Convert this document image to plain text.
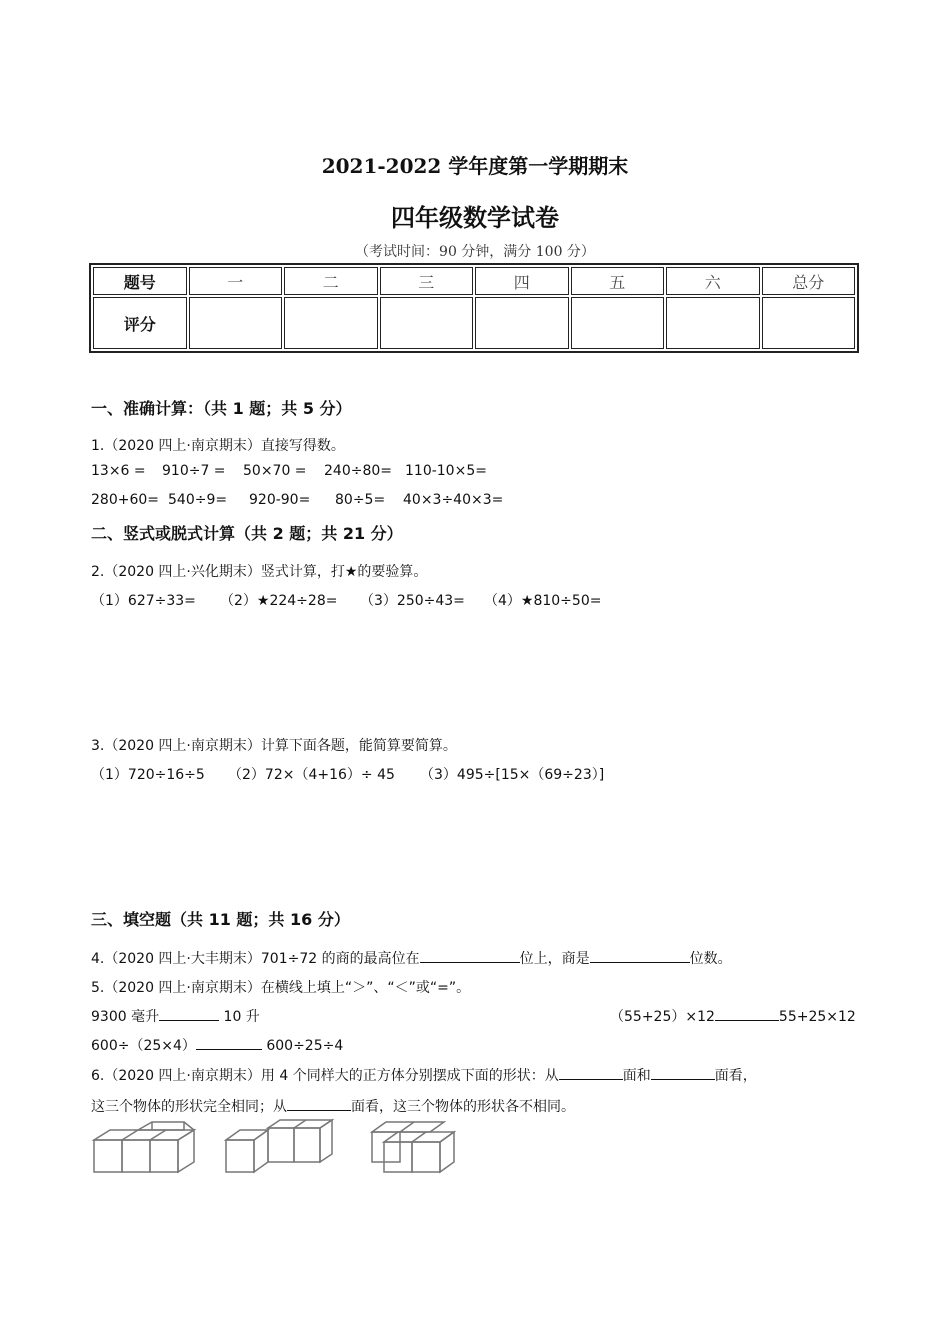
2021-2022 学年度第一学期期末
四年级数学试卷
（考试时间：90 分钟，满分 100 分）
题号	一	二	三	四	五	六	总分
评分							
一、准确计算：（共 1 题；共 5 分）
1.（2020 四上·南京期末）直接写得数。
13×6 = 910÷7 = 50×70 = 240÷80= 110-10×5=
280+60= 540÷9= 920-90= 80÷5= 40×3÷40×3=
二、竖式或脱式计算（共 2 题；共 21 分）
2.（2020 四上·兴化期末）竖式计算，打★的要验算。
（1）627÷33= （2）★224÷28= （3）250÷43= （4）★810÷50=
3.（2020 四上·南京期末）计算下面各题，能简算要简算。
（1）720÷16÷5 （2）72×（4+16）÷ 45 （3）495÷[15×（69÷23）]
三、填空题（共 11 题；共 16 分）
4.（2020 四上·大丰期末）701÷72 的商的最高位在	位上，商是	位数。
5.（2020 四上·南京期末）在横线上填上“＞”、“＜”或“=”。
9300 毫升	10 升	（55+25）×12	55+25×12
600÷（25×4）	600÷25÷4
6.（2020 四上·南京期末）用 4 个同样大的正方体分别摆成下面的形状：从	面和	面看，
这三个物体的形状完全相同；从	面看，这三个物体的形状各不相同。
